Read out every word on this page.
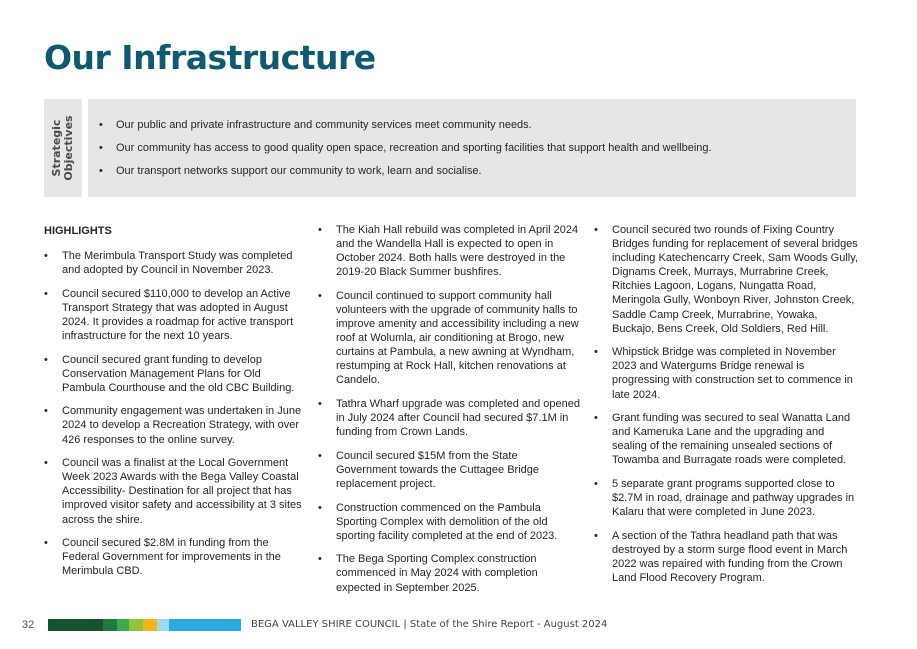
Our Infrastructure
Strategic Objectives • Our public and private infrastructure and community services meet community needs.
• Our community has access to good quality open space, recreation and sporting facilities that support health and wellbeing.
• Our transport networks support our community to work, learn and socialise.
HIGHLIGHTS
• The Merimbula Transport Study was completed and adopted by Council in November 2023.
• Council secured $110,000 to develop an Active Transport Strategy that was adopted in August 2024. It provides a roadmap for active transport infrastructure for the next 10 years.
• Council secured grant funding to develop Conservation Management Plans for Old Pambula Courthouse and the old CBC Building.
• Community engagement was undertaken in June 2024 to develop a Recreation Strategy, with over 426 responses to the online survey.
• Council was a finalist at the Local Government Week 2023 Awards with the Bega Valley Coastal Accessibility- Destination for all project that has improved visitor safety and accessibility at 3 sites across the shire.
• Council secured $2.8M in funding from the Federal Government for improvements in the Merimbula CBD.
• The Kiah Hall rebuild was completed in April 2024 and the Wandella Hall is expected to open in October 2024. Both halls were destroyed in the 2019-20 Black Summer bushfires.
• Council continued to support community hall volunteers with the upgrade of community halls to improve amenity and accessibility including a new roof at Wolumla, air conditioning at Brogo, new curtains at Pambula, a new awning at Wyndham, restumping at Rock Hall, kitchen renovations at Candelo.
• Tathra Wharf upgrade was completed and opened in July 2024 after Council had secured $7.1M in funding from Crown Lands.
• Council secured $15M from the State Government towards the Cuttagee Bridge replacement project.
• Construction commenced on the Pambula Sporting Complex with demolition of the old sporting facility completed at the end of 2023.
• The Bega Sporting Complex construction commenced in May 2024 with completion expected in September 2025.
• Council secured two rounds of Fixing Country Bridges funding for replacement of several bridges including Katechencarry Creek, Sam Woods Gully, Dignams Creek, Murrays, Murrabrine Creek, Ritchies Lagoon, Logans, Nungatta Road, Meringola Gully, Wonboyn River, Johnston Creek, Saddle Camp Creek, Murrabrine, Yowaka, Buckajo, Bens Creek, Old Soldiers, Red Hill.
• Whipstick Bridge was completed in November 2023 and Watergums Bridge renewal is progressing with construction set to commence in late 2024.
• Grant funding was secured to seal Wanatta Land and Kameruka Lane and the upgrading and sealing of the remaining unsealed sections of Towamba and Burragate roads were completed.
• 5 separate grant programs supported close to $2.7M in road, drainage and pathway upgrades in Kalaru that were completed in June 2023.
• A section of the Tathra headland path that was destroyed by a storm surge flood event in March 2022 was repaired with funding from the Crown Land Flood Recovery Program.
32	BEGA VALLEY SHIRE COUNCIL | State of the Shire Report - August 2024
